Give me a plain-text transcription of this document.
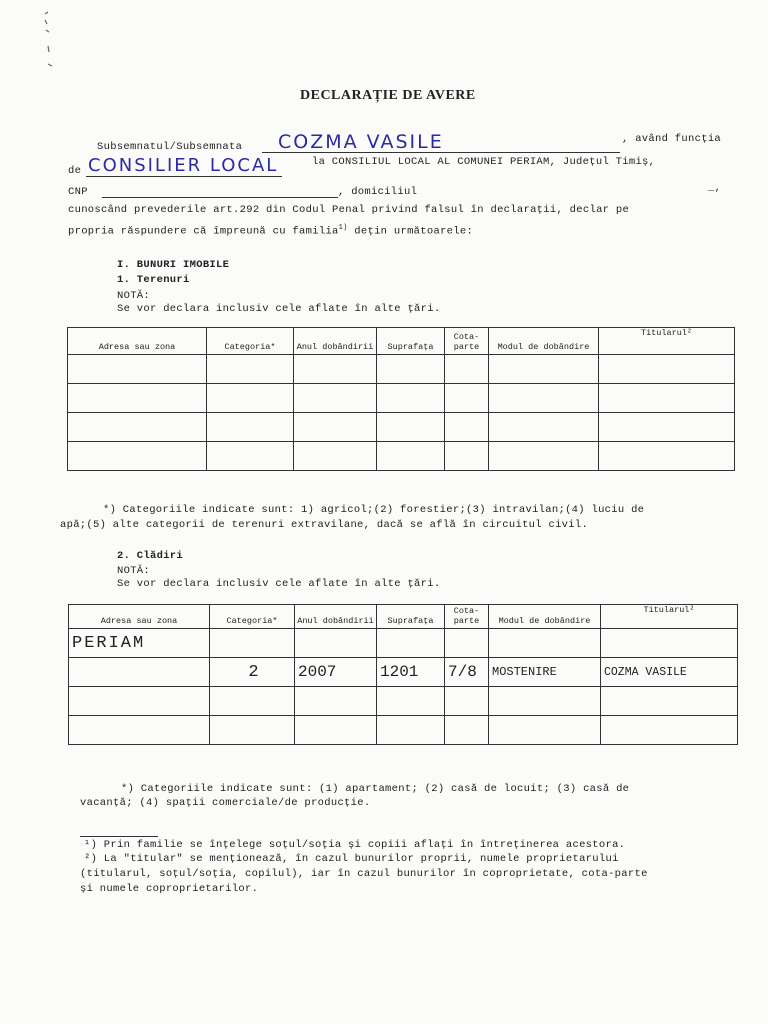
DECLARAȚIE DE AVERE
Subsemnatul/Subsemnata COZMA VASILE	, având funcția
de CONSILIER LOCAL	la CONSILIUL LOCAL AL COMUNEI PERIAM, Județul Timiș,
CNP	, domiciliul	_,
cunoscând prevederile art.292 din Codul Penal privind falsul în declarații, declar pe
propria răspundere că împreună cu familia$^{1)}$ dețin următoarele:
I. BUNURI IMOBILE
1. Terenuri
NOTĂ:
Se vor declara inclusiv cele aflate în alte țări.
Adresa sau zona	Categoria*	Anul dobândirii	Suprafața	Cota-parte	Modul de dobândire	Titularul²

*) Categoriile indicate sunt: 1) agricol;(2) forestier;(3) intravilan;(4) luciu de
apă;(5) alte categorii de terenuri extravilane, dacă se află în circuitul civil.
2. Clădiri
NOTĂ:
Se vor declara inclusiv cele aflate în alte țări.
Adresa sau zona	Categoria*	Anul dobândirii	Suprafața	Cota-parte	Modul de dobândire	Titularul²
PERIAM						
	2	2007	1201	7/8	MOSTENIRE	COZMA VASILE

*) Categoriile indicate sunt: (1) apartament; (2) casă de locuit; (3) casă de
vacanță; (4) spații comerciale/de producție.
¹) Prin familie se înțelege soțul/soția și copiii aflați în întreținerea acestora.
²) La "titular" se menționează, în cazul bunurilor proprii, numele proprietarului
(titularul, soțul/soția, copilul), iar în cazul bunurilor în coproprietate, cota-parte
și numele coproprietarilor.
